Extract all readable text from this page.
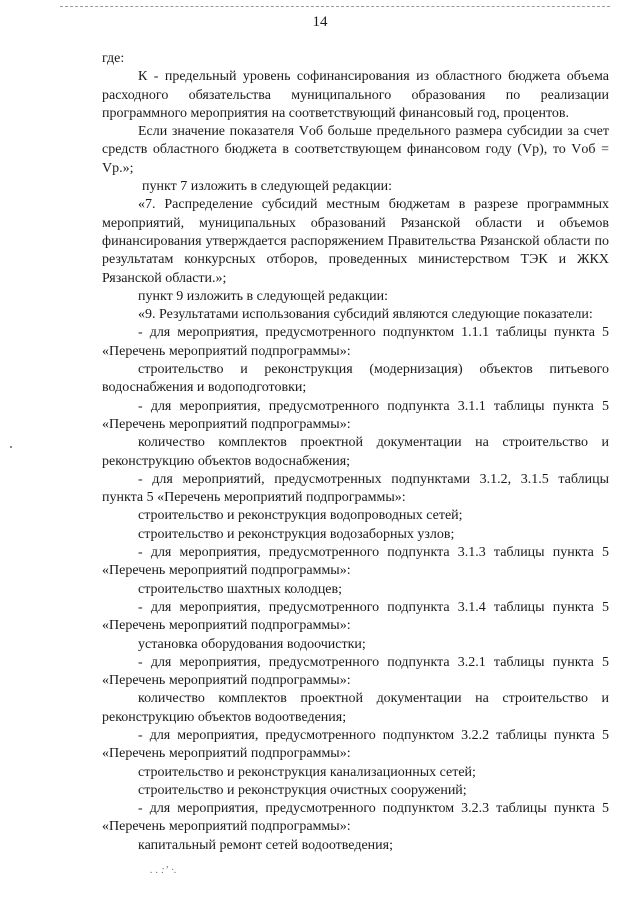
14

где:

К - предельный уровень софинансирования из областного бюджета объема расходного обязательства муниципального образования по реализации программного мероприятия на соответствующий финансовый год, процентов.

Если значение показателя Vоб больше предельного размера субсидии за счет средств областного бюджета в соответствующем финансовом году (Vр), то Vоб = Vр.»;

пункт 7 изложить в следующей редакции:

«7. Распределение субсидий местным бюджетам в разрезе программных мероприятий, муниципальных образований Рязанской области и объемов финансирования утверждается распоряжением Правительства Рязанской области по результатам конкурсных отборов, проведенных министерством ТЭК и ЖКХ Рязанской области.»;

пункт 9 изложить в следующей редакции:

«9. Результатами использования субсидий являются следующие показатели:

- для мероприятия, предусмотренного подпунктом 1.1.1 таблицы пункта 5 «Перечень мероприятий подпрограммы»:

строительство и реконструкция (модернизация) объектов питьевого водоснабжения и водоподготовки;

- для мероприятия, предусмотренного подпункта 3.1.1 таблицы пункта 5 «Перечень мероприятий подпрограммы»:

количество комплектов проектной документации на строительство и реконструкцию объектов водоснабжения;

- для мероприятий, предусмотренных подпунктами 3.1.2, 3.1.5 таблицы пункта 5 «Перечень мероприятий подпрограммы»:

строительство и реконструкция водопроводных сетей;

строительство и реконструкция водозаборных узлов;

- для мероприятия, предусмотренного подпункта 3.1.3 таблицы пункта 5 «Перечень мероприятий подпрограммы»:

строительство шахтных колодцев;

- для мероприятия, предусмотренного подпункта 3.1.4 таблицы пункта 5 «Перечень мероприятий подпрограммы»:

установка оборудования водоочистки;

- для мероприятия, предусмотренного подпункта 3.2.1 таблицы пункта 5 «Перечень мероприятий подпрограммы»:

количество комплектов проектной документации на строительство и реконструкцию объектов водоотведения;

- для мероприятия, предусмотренного подпунктом 3.2.2 таблицы пункта 5 «Перечень мероприятий подпрограммы»:

строительство и реконструкция канализационных сетей;

строительство и реконструкция очистных сооружений;

- для мероприятия, предусмотренного подпунктом 3.2.3 таблицы пункта 5 «Перечень мероприятий подпрограммы»:

капитальный ремонт сетей водоотведения;

. . :ʼ ·.
